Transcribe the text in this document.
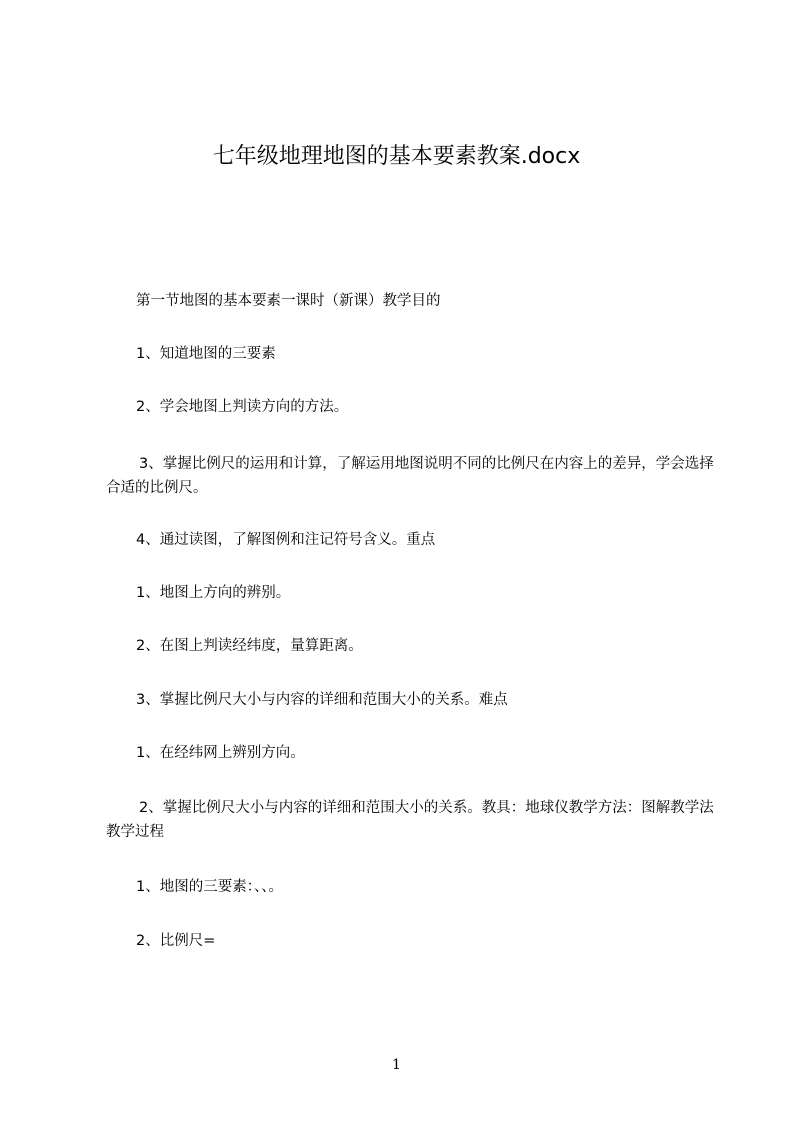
七年级地理地图的基本要素教案.docx

第一节地图的基本要素一课时（新课）教学目的

1、知道地图的三要素

2、学会地图上判读方向的方法。

3、掌握比例尺的运用和计算，了解运用地图说明不同的比例尺在内容上的差异，学会选择合适的比例尺。

4、通过读图，了解图例和注记符号含义。重点

1、地图上方向的辨别。

2、在图上判读经纬度，量算距离。

3、掌握比例尺大小与内容的详细和范围大小的关系。难点

1、在经纬网上辨别方向。

2、掌握比例尺大小与内容的详细和范围大小的关系。教具：地球仪教学方法：图解教学法教学过程

1、地图的三要素：、、。

2、比例尺=

1
